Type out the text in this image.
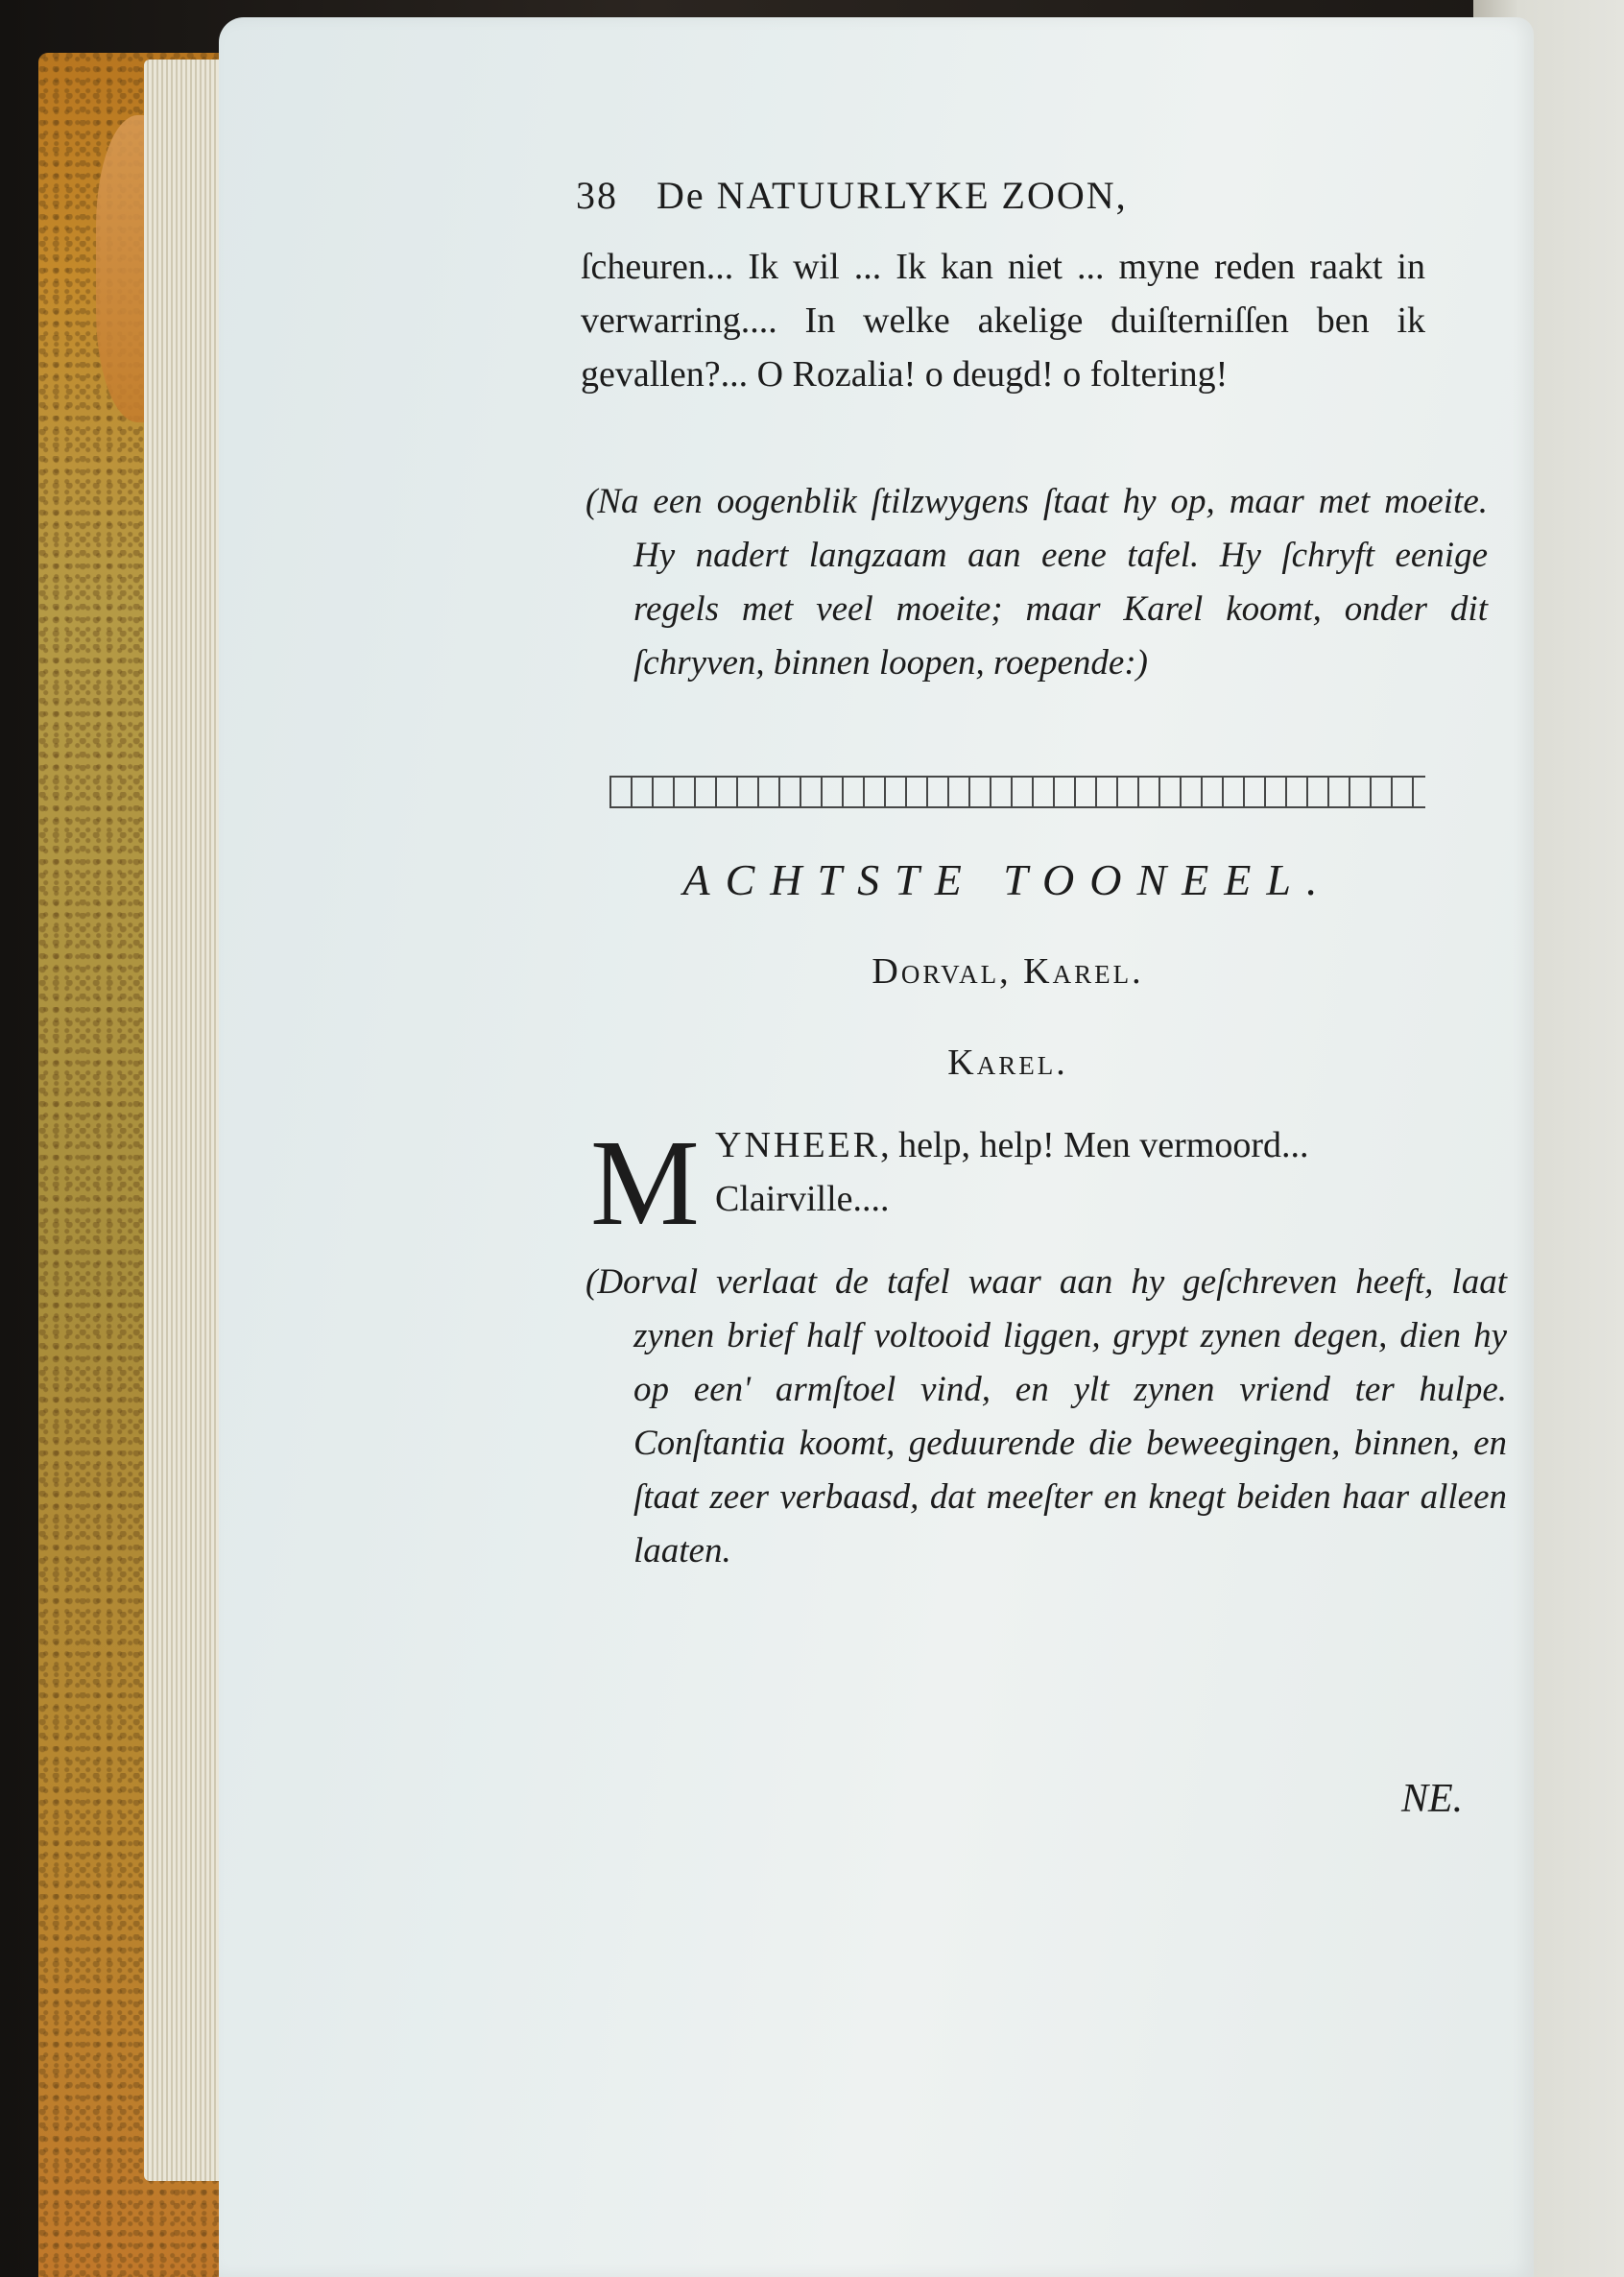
38 De NATUURLYKE ZOON,
ſcheuren... Ik wil ... Ik kan niet ... myne reden raakt in verwarring.... In welke akelige duiſterniſſen ben ik gevallen?... O Rozalia! o deugd! o foltering!
(Na een oogenblik ſtilzwygens ſtaat hy op, maar met moeite. Hy nadert langzaam aan eene tafel. Hy ſchryft eenige regels met veel moeite; maar Karel koomt, onder dit ſchryven, binnen loopen, roepende:)
ACHTSTE TOONEEL.
Dorval, Karel.
Karel.
M YNHEER, help, help! Men vermoord... Clairville....
(Dorval verlaat de tafel waar aan hy geſchreven heeft, laat zynen brief half voltooid liggen, grypt zynen degen, dien hy op een' armſtoel vind, en ylt zynen vriend ter hulpe. Conſtantia koomt, geduurende die beweegingen, binnen, en ſtaat zeer verbaasd, dat meeſter en knegt beiden haar alleen laaten.
NE.
